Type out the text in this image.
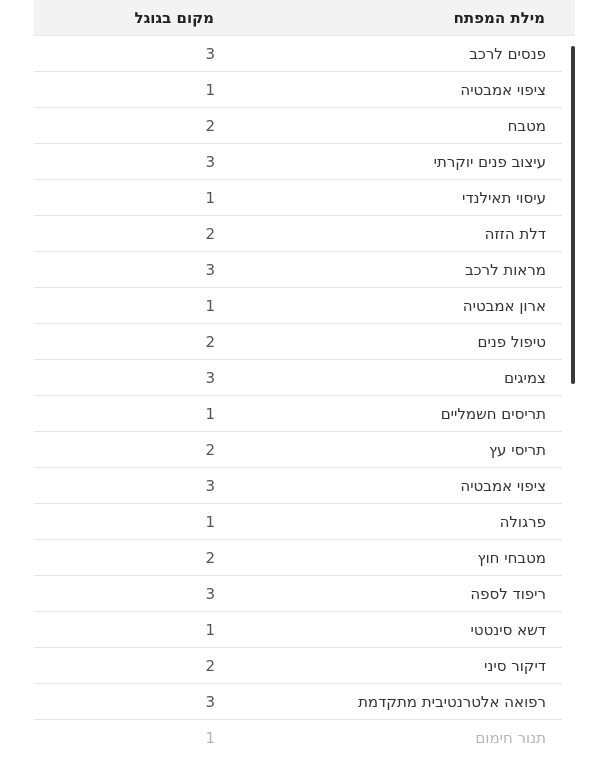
מילת המפתח
מקום בגוגל
פנסים לרכב
3
ציפוי אמבטיה
1
מטבח
2
עיצוב פנים יוקרתי
3
עיסוי תאילנדי
1
דלת הזזה
2
מראות לרכב
3
ארון אמבטיה
1
טיפול פנים
2
צמיגים
3
תריסים חשמליים
1
תריסי עץ
2
ציפוי אמבטיה
3
פרגולה
1
מטבחי חוץ
2
ריפוד לספה
3
דשא סינטטי
1
דיקור סיני
2
רפואה אלטרנטיבית מתקדמת
3
תנור חימום
1
